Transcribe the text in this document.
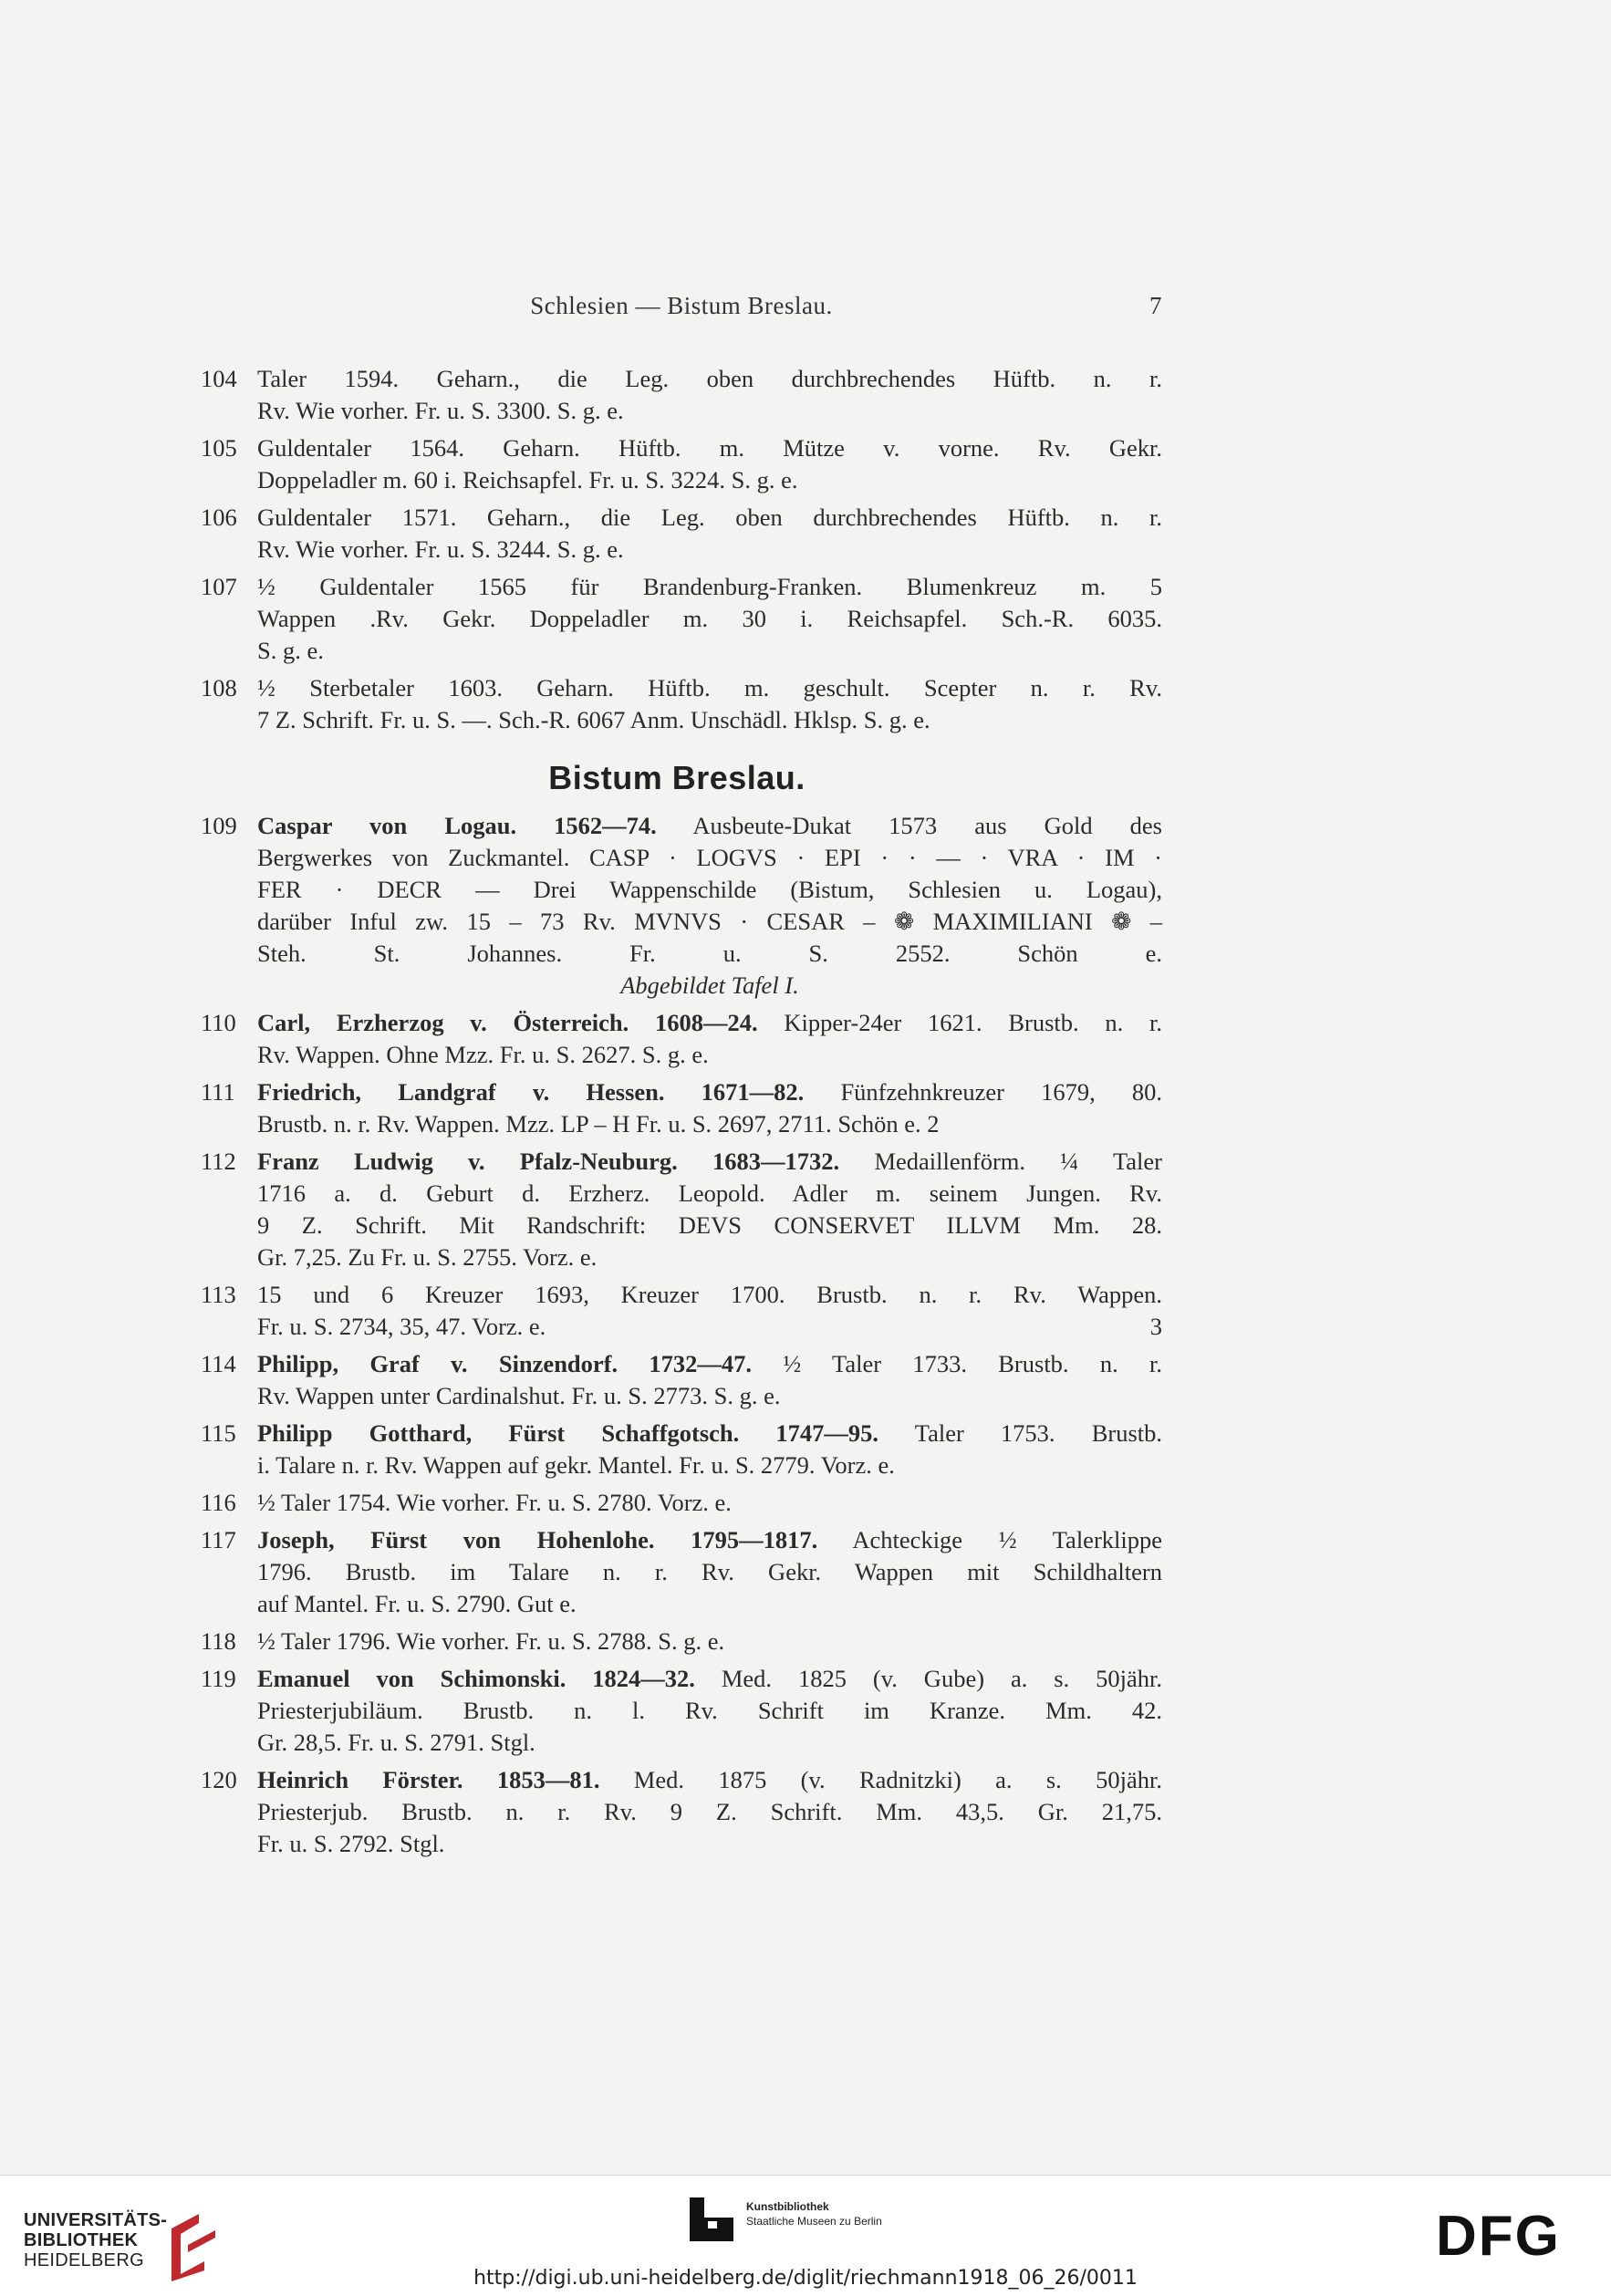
Schlesien — Bistum Breslau.	7
104 Taler 1594. Geharn., die Leg. oben durchbrechendes Hüftb. n. r.
Rv. Wie vorher. Fr. u. S. 3300. S. g. e.
105 Guldentaler 1564. Geharn. Hüftb. m. Mütze v. vorne. Rv. Gekr.
Doppeladler m. 60 i. Reichsapfel. Fr. u. S. 3224. S. g. e.
106 Guldentaler 1571. Geharn., die Leg. oben durchbrechendes Hüftb. n. r.
Rv. Wie vorher. Fr. u. S. 3244. S. g. e.
107 ½ Guldentaler 1565 für Brandenburg-Franken. Blumenkreuz m. 5
Wappen .Rv. Gekr. Doppeladler m. 30 i. Reichsapfel. Sch.-R. 6035.
S. g. e.
108 ½ Sterbetaler 1603. Geharn. Hüftb. m. geschult. Scepter n. r. Rv.
7 Z. Schrift. Fr. u. S. —. Sch.-R. 6067 Anm. Unschädl. Hklsp. S. g. e.
Bistum Breslau.
109 Caspar von Logau. 1562—74. Ausbeute-Dukat 1573 aus Gold des
Bergwerkes von Zuckmantel. CASP · LOGVS · EPI · · — · VRA · IM ·
FER · DECR — Drei Wappenschilde (Bistum, Schlesien u. Logau),
darüber Inful zw. 15 – 73 Rv. MVNVS · CESAR – ❁ MAXIMILIANI ❁ –
Steh. St. Johannes. Fr. u. S. 2552. Schön e.
Abgebildet Tafel I.
110 Carl, Erzherzog v. Österreich. 1608—24. Kipper-24er 1621. Brustb. n. r.
Rv. Wappen. Ohne Mzz. Fr. u. S. 2627. S. g. e.
111 Friedrich, Landgraf v. Hessen. 1671—82. Fünfzehnkreuzer 1679, 80.
Brustb. n. r. Rv. Wappen. Mzz. LP – H Fr. u. S. 2697, 2711. Schön e. 2
112 Franz Ludwig v. Pfalz-Neuburg. 1683—1732. Medaillenförm. ¼ Taler
1716 a. d. Geburt d. Erzherz. Leopold. Adler m. seinem Jungen. Rv.
9 Z. Schrift. Mit Randschrift: DEVS CONSERVET ILLVM Mm. 28.
Gr. 7,25. Zu Fr. u. S. 2755. Vorz. e.
113 15 und 6 Kreuzer 1693, Kreuzer 1700. Brustb. n. r. Rv. Wappen.
Fr. u. S. 2734, 35, 47. Vorz. e.	3
114 Philipp, Graf v. Sinzendorf. 1732—47. ½ Taler 1733. Brustb. n. r.
Rv. Wappen unter Cardinalshut. Fr. u. S. 2773. S. g. e.
115 Philipp Gotthard, Fürst Schaffgotsch. 1747—95. Taler 1753. Brustb.
i. Talare n. r. Rv. Wappen auf gekr. Mantel. Fr. u. S. 2779. Vorz. e.
116 ½ Taler 1754. Wie vorher. Fr. u. S. 2780. Vorz. e.
117 Joseph, Fürst von Hohenlohe. 1795—1817. Achteckige ½ Talerklippe
1796. Brustb. im Talare n. r. Rv. Gekr. Wappen mit Schildhaltern
auf Mantel. Fr. u. S. 2790. Gut e.
118 ½ Taler 1796. Wie vorher. Fr. u. S. 2788. S. g. e.
119 Emanuel von Schimonski. 1824—32. Med. 1825 (v. Gube) a. s. 50jähr.
Priesterjubiläum. Brustb. n. l. Rv. Schrift im Kranze. Mm. 42.
Gr. 28,5. Fr. u. S. 2791. Stgl.
120 Heinrich Förster. 1853—81. Med. 1875 (v. Radnitzki) a. s. 50jähr.
Priesterjub. Brustb. n. r. Rv. 9 Z. Schrift. Mm. 43,5. Gr. 21,75.
Fr. u. S. 2792. Stgl.
UNIVERSITÄTS-
BIBLIOTHEK
HEIDELBERG
Kunstbibliothek
Staatliche Museen zu Berlin	DFG
http://digi.ub.uni-heidelberg.de/diglit/riechmann1918_06_26/0011
